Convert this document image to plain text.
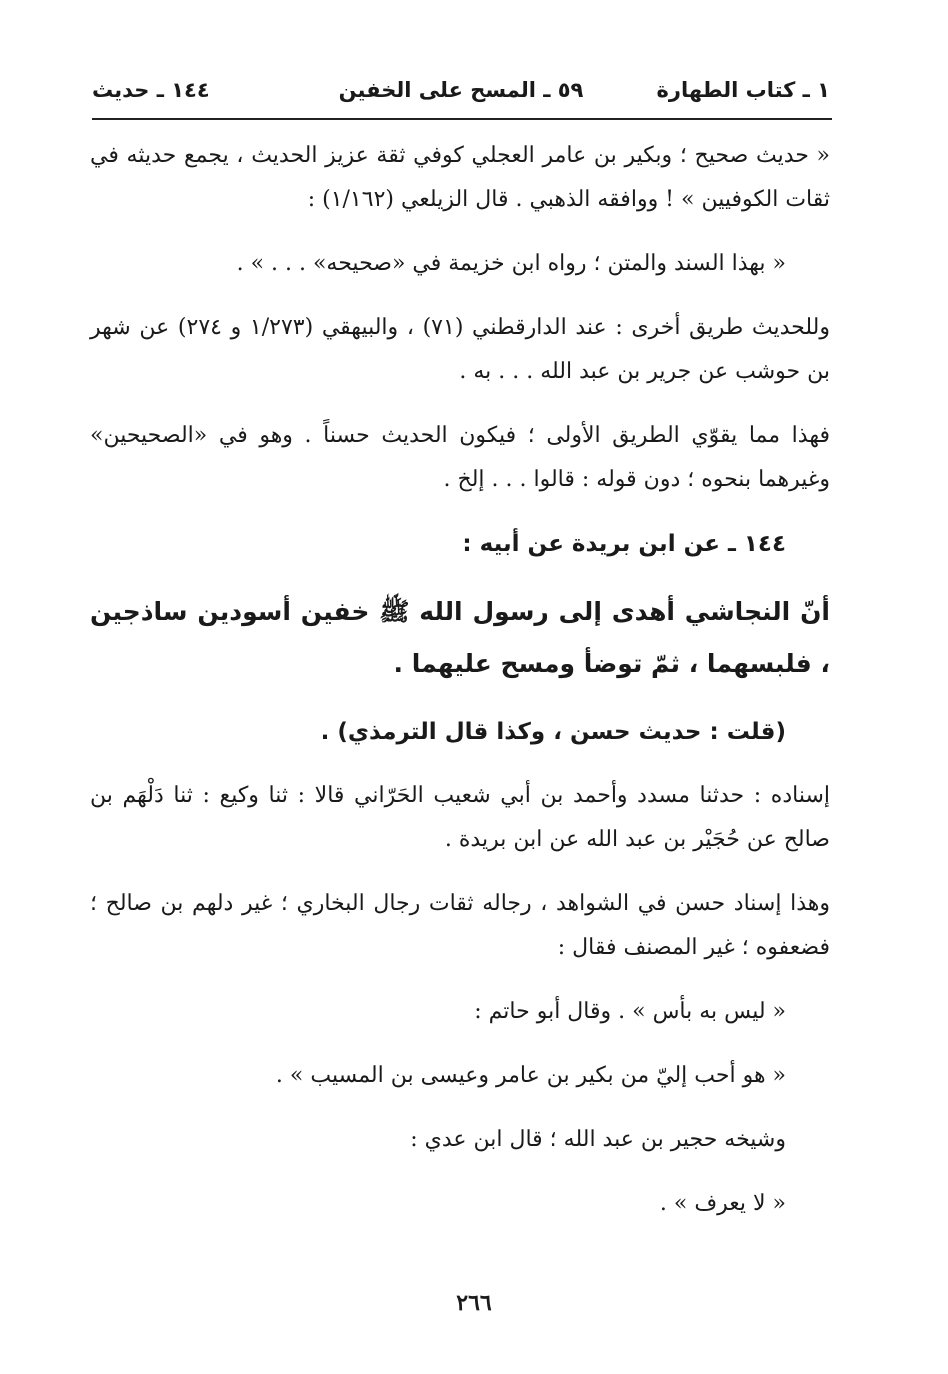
١ ـ كتاب الطهارة
٥٩ ـ المسح على الخفين
١٤٤ ـ حديث

« حديث صحيح ؛ وبكير بن عامر العجلي كوفي ثقة عزيز الحديث ، يجمع حديثه في ثقات الكوفيين » ! ووافقه الذهبي . قال الزيلعي (١/١٦٢) :

« بهذا السند والمتن ؛ رواه ابن خزيمة في «صحيحه» . . . » .

وللحديث طريق أخرى : عند الدارقطني (٧١) ، والبيهقي (١/٢٧٣ و ٢٧٤) عن شهر بن حوشب عن جرير بن عبد الله . . . به .

فهذا مما يقوّي الطريق الأولى ؛ فيكون الحديث حسناً . وهو في «الصحيحين» وغيرهما بنحوه ؛ دون قوله : قالوا . . . إلخ .

١٤٤ ـ عن ابن بريدة عن أبيه :

أنّ النجاشي أهدى إلى رسول الله ﷺ خفين أسودين ساذجين ، فلبسهما ، ثمّ توضأ ومسح عليهما .

(قلت : حديث حسن ، وكذا قال الترمذي) .

إسناده : حدثنا مسدد وأحمد بن أبي شعيب الحَرّاني قالا : ثنا وكيع : ثنا دَلْهَم بن صالح عن حُجَيْر بن عبد الله عن ابن بريدة .

وهذا إسناد حسن في الشواهد ، رجاله ثقات رجال البخاري ؛ غير دلهم بن صالح ؛ فضعفوه ؛ غير المصنف فقال :

« ليس به بأس » . وقال أبو حاتم :

« هو أحب إليّ من بكير بن عامر وعيسى بن المسيب » .

وشيخه حجير بن عبد الله ؛ قال ابن عدي :

« لا يعرف » .

٢٦٦
